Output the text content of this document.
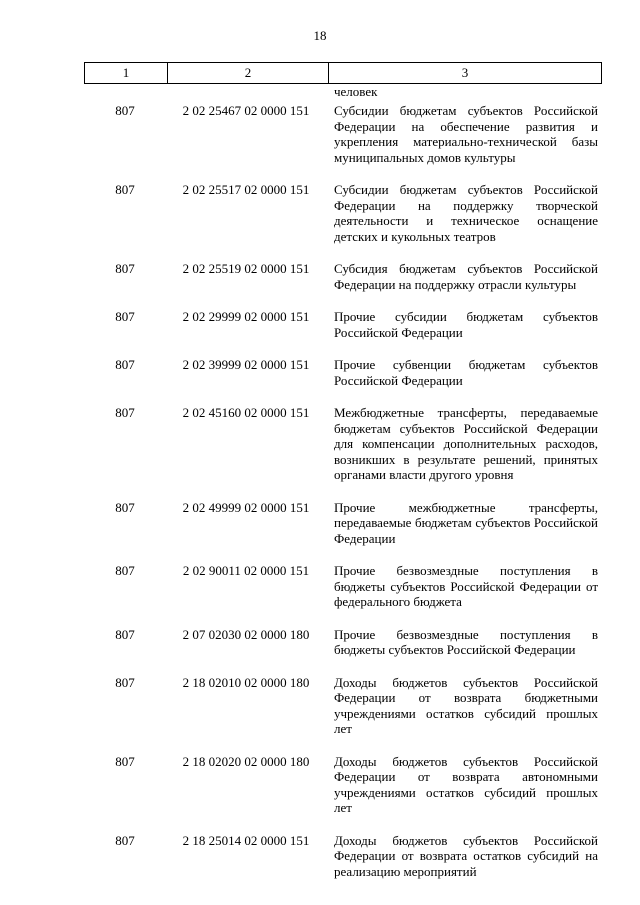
18
1	2	3
человек
807	2 02 25467 02 0000 151	Субсидии бюджетам субъектов Российской Федерации на обеспечение развития и укрепления материально-технической базы муниципальных домов культуры
807	2 02 25517 02 0000 151	Субсидии бюджетам субъектов Российской Федерации на поддержку творческой деятельности и техническое оснащение детских и кукольных театров
807	2 02 25519 02 0000 151	Субсидия бюджетам субъектов Российской Федерации на поддержку отрасли культуры
807	2 02 29999 02 0000 151	Прочие субсидии бюджетам субъектов Российской Федерации
807	2 02 39999 02 0000 151	Прочие субвенции бюджетам субъектов Российской Федерации
807	2 02 45160 02 0000 151	Межбюджетные трансферты, передаваемые бюджетам субъектов Российской Федерации для компенсации дополнительных расходов, возникших в результате решений, принятых органами власти другого уровня
807	2 02 49999 02 0000 151	Прочие межбюджетные трансферты, передаваемые бюджетам субъектов Российской Федерации
807	2 02 90011 02 0000 151	Прочие безвозмездные поступления в бюджеты субъектов Российской Федерации от федерального бюджета
807	2 07 02030 02 0000 180	Прочие безвозмездные поступления в бюджеты субъектов Российской Федерации
807	2 18 02010 02 0000 180	Доходы бюджетов субъектов Российской Федерации от возврата бюджетными учреждениями остатков субсидий прошлых лет
807	2 18 02020 02 0000 180	Доходы бюджетов субъектов Российской Федерации от возврата автономными учреждениями остатков субсидий прошлых лет
807	2 18 25014 02 0000 151	Доходы бюджетов субъектов Российской Федерации от возврата остатков субсидий на реализацию мероприятий
